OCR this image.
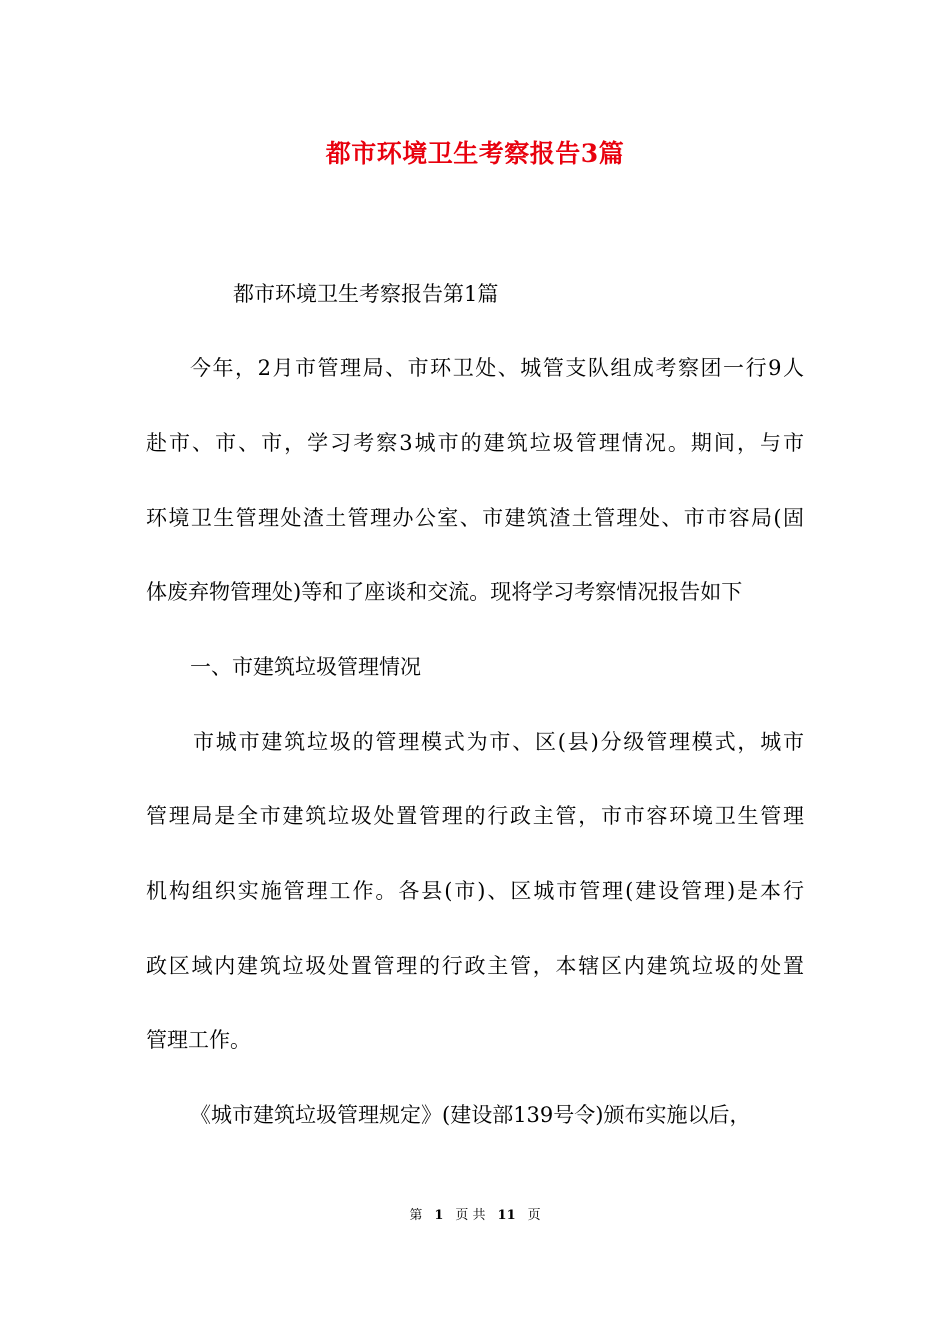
都市环境卫生考察报告3篇
都市环境卫生考察报告第1篇
今年，2月市管理局、市环卫处、城管支队组成考察团一行9人
赴市、市、市，学习考察3城市的建筑垃圾管理情况。期间，与市
环境卫生管理处渣土管理办公室、市建筑渣土管理处、市市容局(固
体废弃物管理处)等和了座谈和交流。现将学习考察情况报告如下
一、市建筑垃圾管理情况
市城市建筑垃圾的管理模式为市、区(县)分级管理模式，城市
管理局是全市建筑垃圾处置管理的行政主管，市市容环境卫生管理
机构组织实施管理工作。各县(市)、区城市管理(建设管理)是本行
政区域内建筑垃圾处置管理的行政主管，本辖区内建筑垃圾的处置
管理工作。
《城市建筑垃圾管理规定》(建设部139号令)颁布实施以后，
第 1 页 共 11 页
